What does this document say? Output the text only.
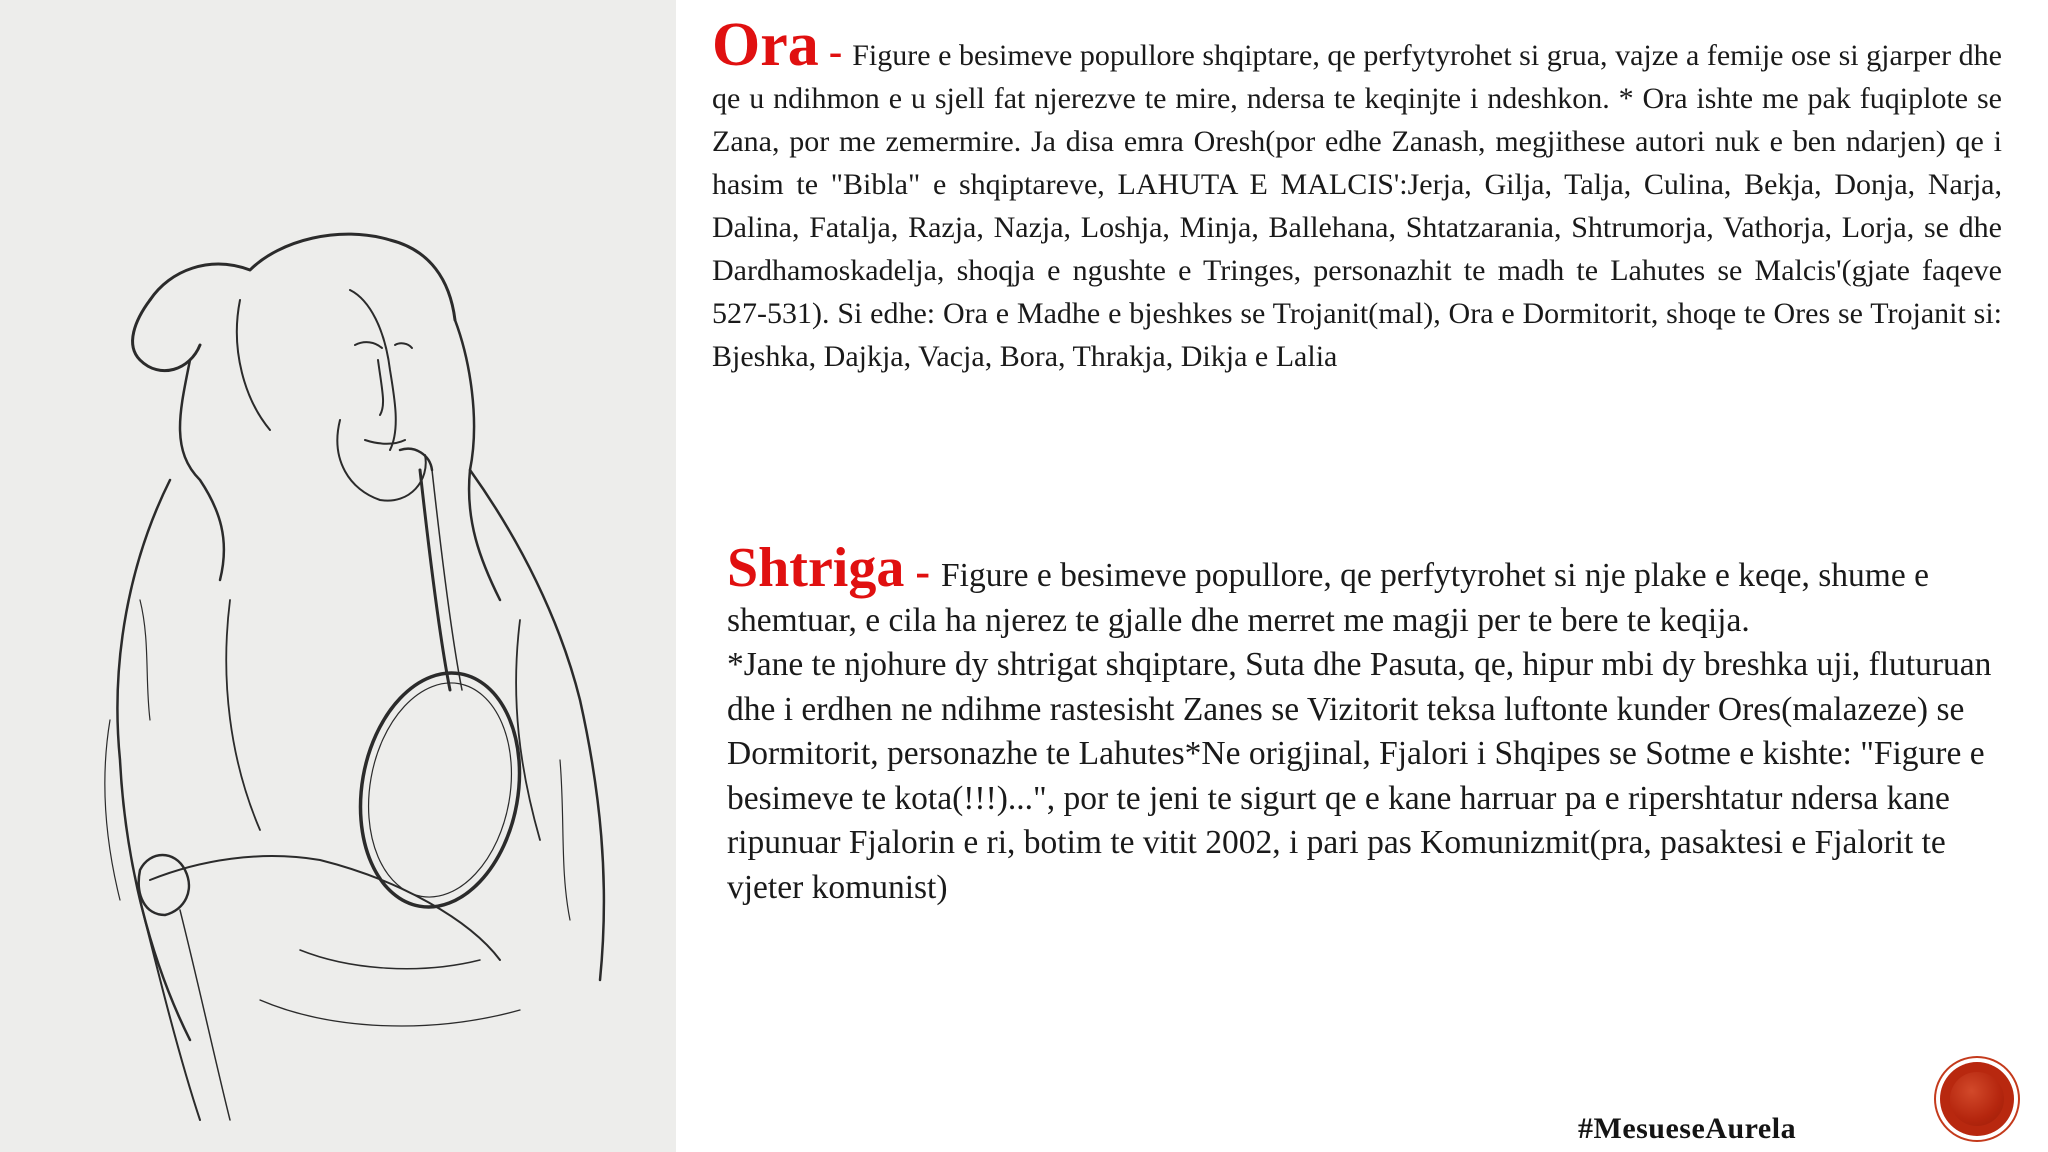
Ora - Figure e besimeve popullore shqiptare, qe perfytyrohet si grua, vajze a femije ose si gjarper dhe qe u ndihmon e u sjell fat njerezve te mire, ndersa te keqinjte i ndeshkon. * Ora ishte me pak fuqiplote se Zana, por me zemermire. Ja disa emra Oresh(por edhe Zanash, megjithese autori nuk e ben ndarjen) qe i hasim te "Bibla" e shqiptareve, LAHUTA E MALCIS':Jerja, Gilja, Talja, Culina, Bekja, Donja, Narja, Dalina, Fatalja, Razja, Nazja, Loshja, Minja, Ballehana, Shtatzarania, Shtrumorja, Vathorja, Lorja, se dhe Dardhamoskadelja, shoqja e ngushte e Tringes, personazhit te madh te Lahutes se Malcis'(gjate faqeve 527-531). Si edhe: Ora e Madhe e bjeshkes se Trojanit(mal), Ora e Dormitorit, shoqe te Ores se Trojanit si: Bjeshka, Dajkja, Vacja, Bora, Thrakja, Dikja e Lalia

Shtriga - Figure e besimeve popullore, qe perfytyrohet si nje plake e keqe, shume e shemtuar, e cila ha njerez te gjalle dhe merret me magji per te bere te keqija.

*Jane te njohure dy shtrigat shqiptare, Suta dhe Pasuta, qe, hipur mbi dy breshka uji, fluturuan dhe i erdhen ne ndihme rastesisht Zanes se Vizitorit teksa luftonte kunder Ores(malazeze) se Dormitorit, personazhe te Lahutes*Ne origjinal, Fjalori i Shqipes se Sotme e kishte: "Figure e besimeve te kota(!!!)...", por te jeni te sigurt qe e kane harruar pa e ripershtatur ndersa kane ripunuar Fjalorin e ri, botim te vitit 2002, i pari pas Komunizmit(pra, pasaktesi e Fjalorit te vjeter komunist)

#MesueseAurela
